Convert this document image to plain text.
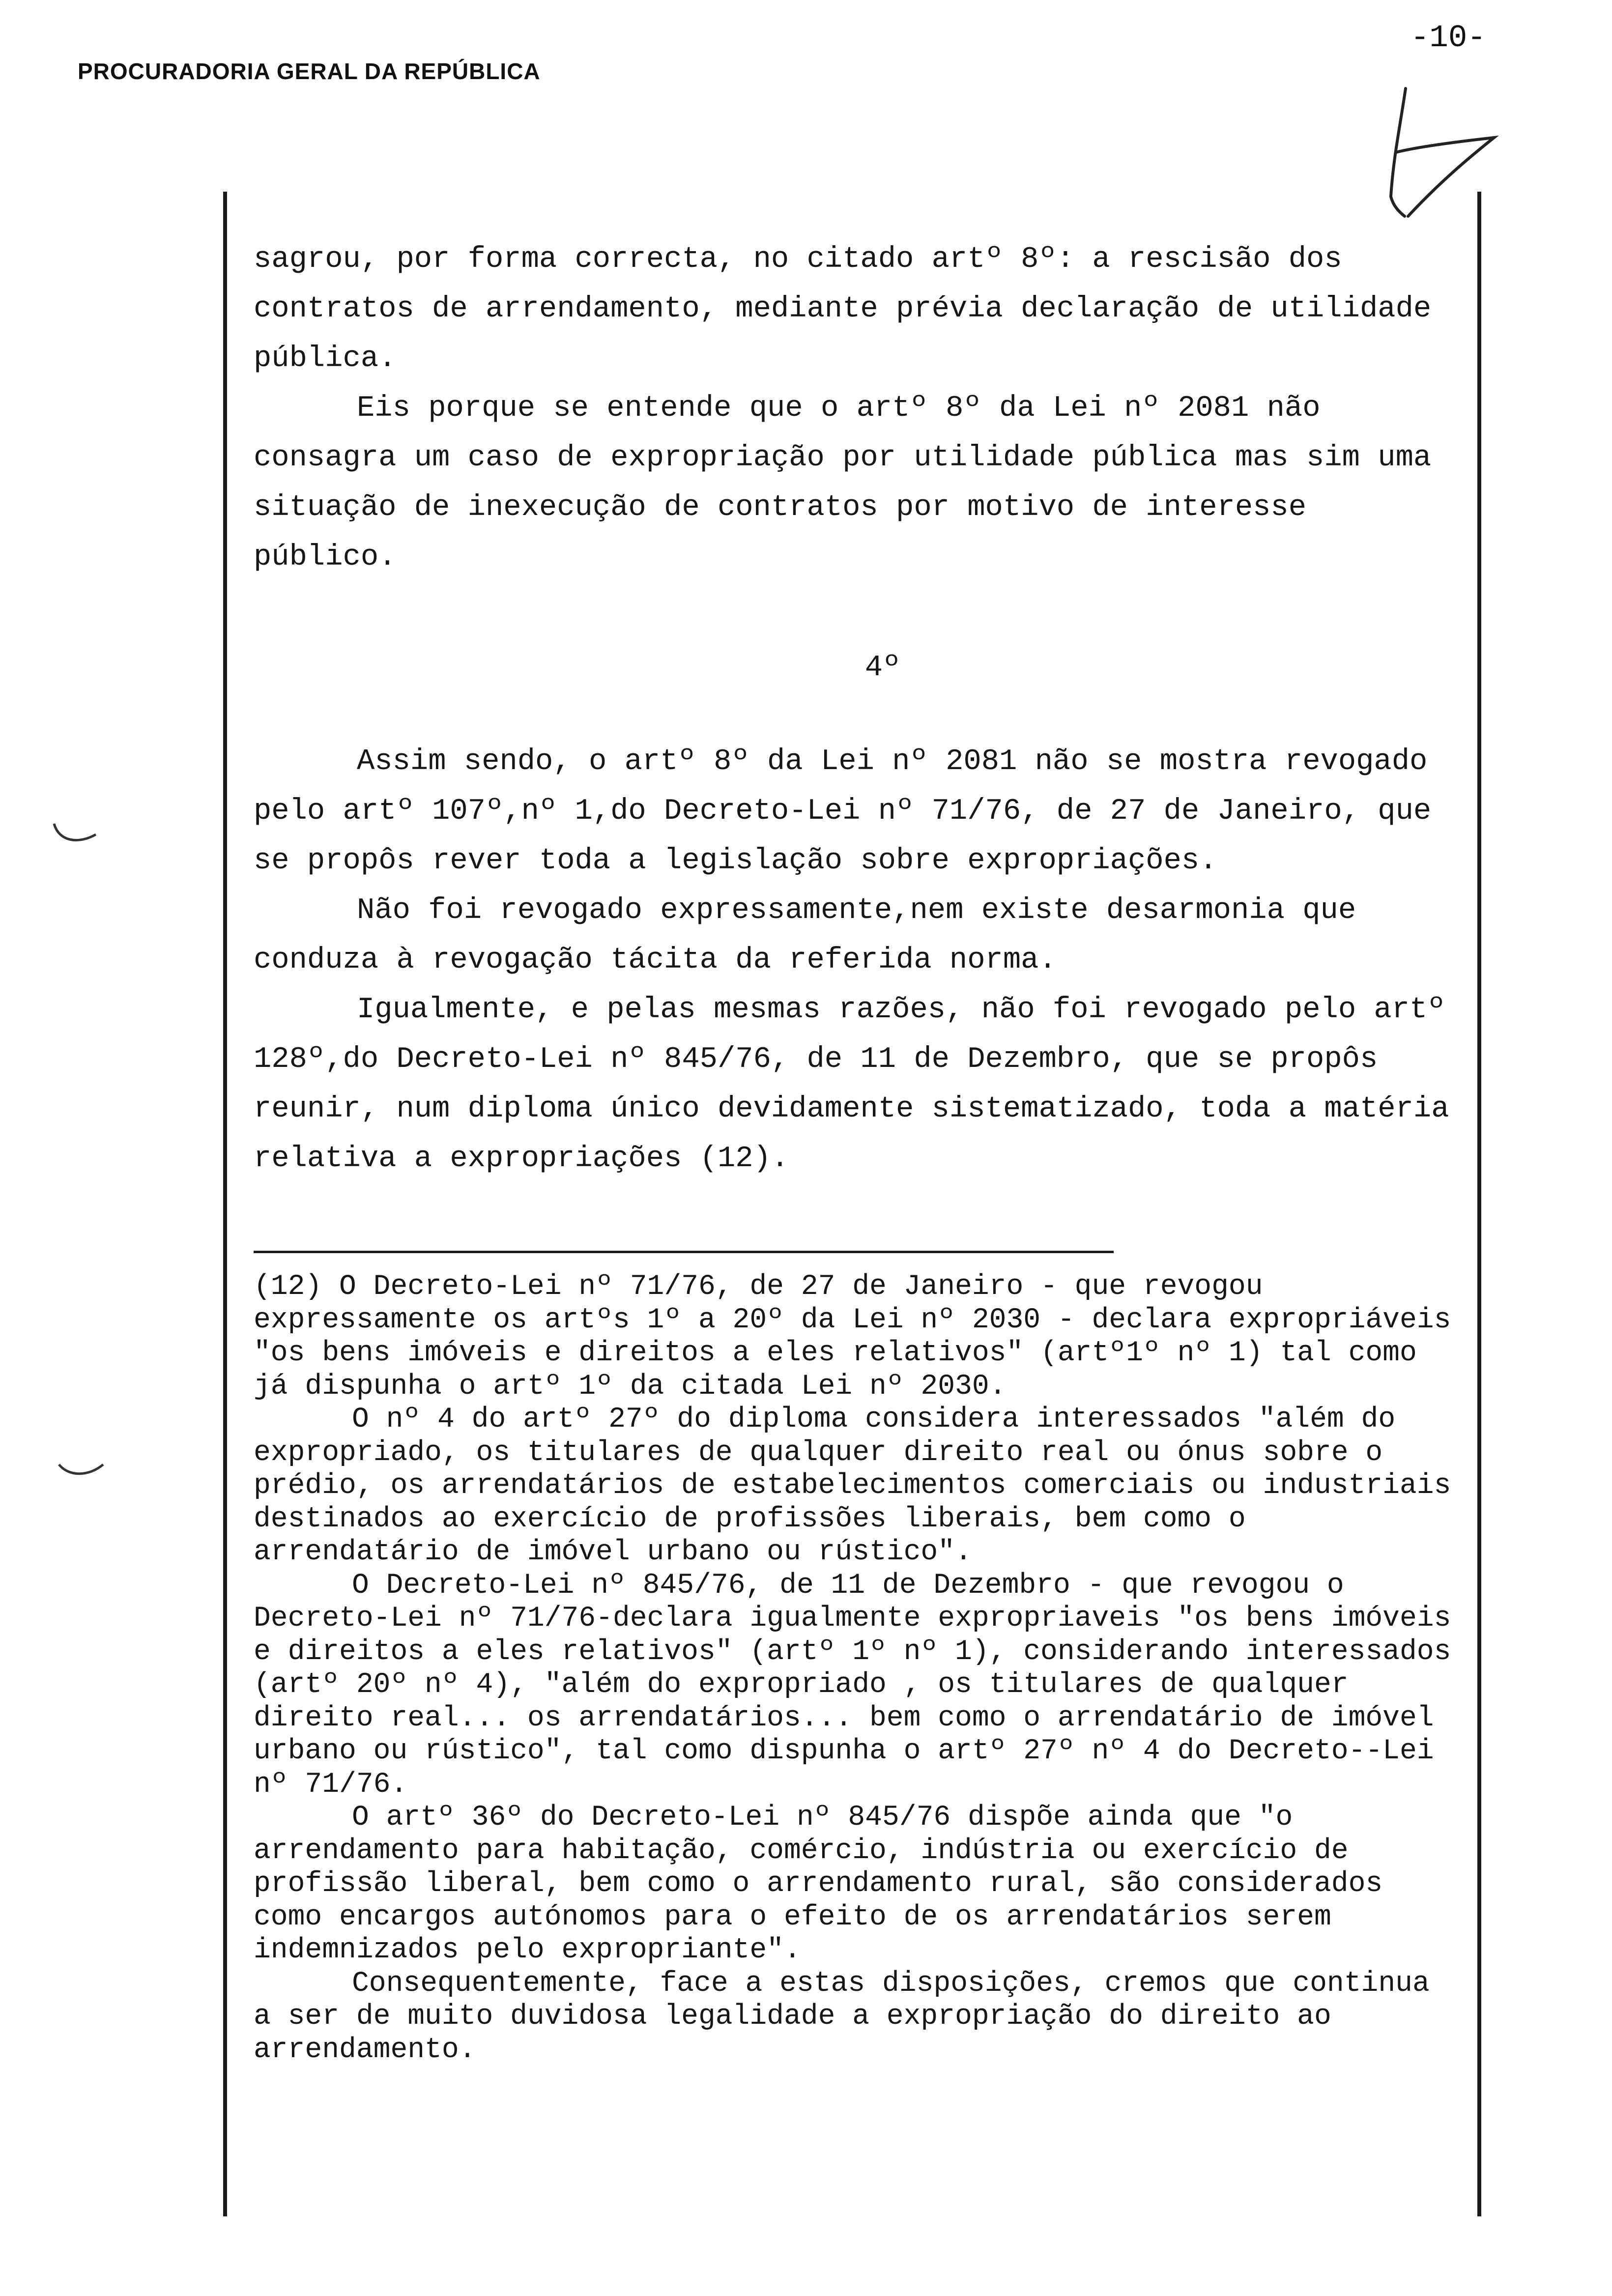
PROCURADORIA GERAL DA REPÚBLICA
-10-

sagrou, por forma correcta, no citado artº 8º: a rescisão dos contratos de arrendamento, mediante prévia declaração de utilidade pública.

Eis porque se entende que o artº 8º da Lei nº 2081 não consagra um caso de expropriação por utilidade pública mas sim uma situação de inexecução de contratos por motivo de interesse público.

4º

Assim sendo, o artº 8º da Lei nº 2081 não se mostra revogado pelo artº 107º,nº 1,do Decreto-Lei nº 71/76, de 27 de Janeiro, que se propôs rever toda a legislação sobre expropriações.

Não foi revogado expressamente,nem existe desarmonia que conduza à revogação tácita da referida norma.

Igualmente, e pelas mesmas razões, não foi revogado pelo artº 128º,do Decreto-Lei nº 845/76, de 11 de Dezembro, que se propôs reunir, num diploma único devidamente sistematizado, toda a matéria relativa a expropriações (12).

(12) O Decreto-Lei nº 71/76, de 27 de Janeiro - que revogou expressamente os artºs 1º a 20º da Lei nº 2030 - declara expropriáveis "os bens imóveis e direitos a eles relativos" (artº1º nº 1) tal como já dispunha o artº 1º da citada Lei nº 2030.

O nº 4 do artº 27º do diploma considera interessados "além do expropriado, os titulares de qualquer direito real ou ónus sobre o prédio, os arrendatários de estabelecimentos comerciais ou industriais destinados ao exercício de profissões liberais, bem como o arrendatário de imóvel urbano ou rústico".

O Decreto-Lei nº 845/76, de 11 de Dezembro - que revogou o Decreto-Lei nº 71/76-declara igualmente expropriaveis "os bens imóveis e direitos a eles relativos" (artº 1º nº 1), considerando interessados (artº 20º nº 4), "além do expropriado , os titulares de qualquer direito real... os arrendatários... bem como o arrendatário de imóvel urbano ou rústico", tal como dispunha o artº 27º nº 4 do Decreto--Lei nº 71/76.

O artº 36º do Decreto-Lei nº 845/76 dispõe ainda que "o arrendamento para habitação, comércio, indústria ou exercício de profissão liberal, bem como o arrendamento rural, são considerados como encargos autónomos para o efeito de os arrendatários serem indemnizados pelo expropriante".

Consequentemente, face a estas disposições, cremos que continua a ser de muito duvidosa legalidade a expropriação do direito ao arrendamento.
